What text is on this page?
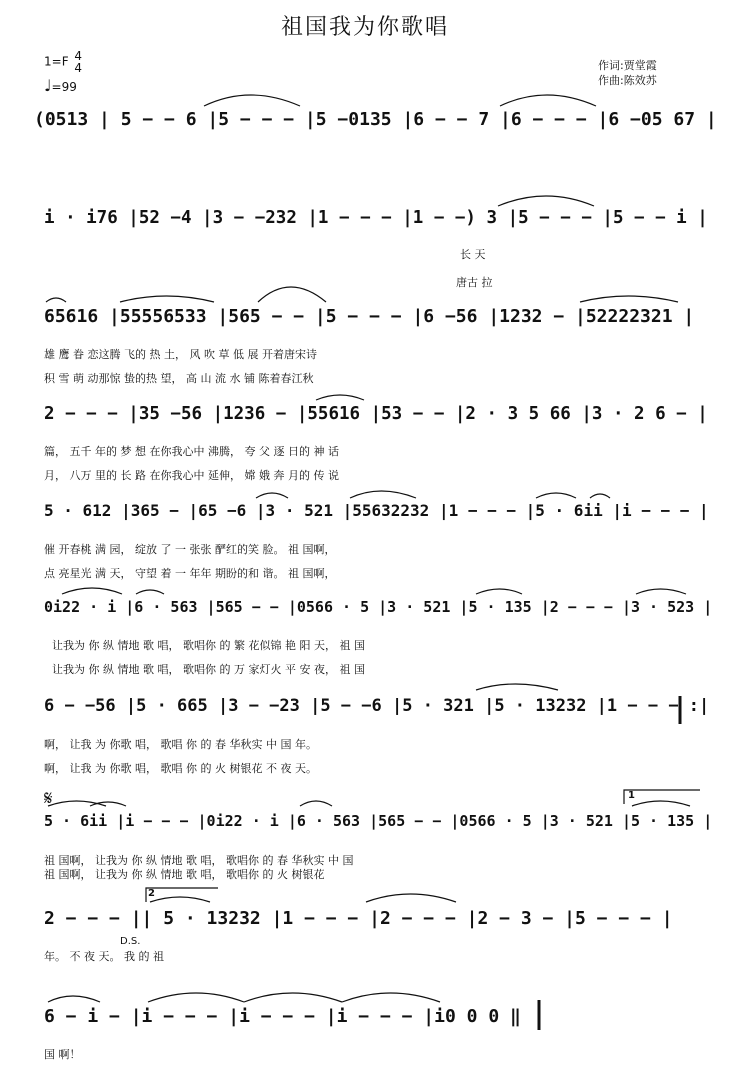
祖国我为你歌唱
1=F 4
4
♩=99
作词:贾堂霞
作曲:陈效苏
(0513 | 5 − − 6 |5 − − − |5 −0135 |6 − − 7 |6 − − − |6 −05 67 |
i · i76 |52 −4 |3 − −232 |1 − − − |1 − −) 3 |5 − − − |5 − − i |
长 天
唐古 拉
65616 |55556533 |565 − − |5 − − − |6 −56 |1232 − |52222321 |
雄 鹰 眷 恋这腾 飞的 热 土， 风 吹 草 低 展 开着唐宋诗
积 雪 萌 动那惊 蛰的热 望， 高 山 流 水 铺 陈着春江秋
2 − − − |35 −56 |1236 − |55616 |53 − − |2 · 3 5 66 |3 · 2 6 − |
篇， 五千 年的 梦 想 在你我心中 沸腾， 夸 父 逐 日的 神 话
月， 八万 里的 长 路 在你我心中 延伸， 嫦 娥 奔 月的 传 说
5 · 612 |365 − |65 −6 |3 · 521 |55632232 |1 − − − |5 · 6ii |i − − − |
催 开春桃 满 园， 绽放 了 一 张张 酽红的笑 脸。 祖 国啊，
点 亮星光 满 天， 守望 着 一 年年 期盼的和 谐。 祖 国啊，
0i22 · i |6 · 563 |565 − − |0566 · 5 |3 · 521 |5 · 135 |2 − − − |3 · 523 |
让我为 你 纵 情地 歌 唱， 歌唱你 的 繁 花似锦 艳 阳 天， 祖 国
让我为 你 纵 情地 歌 唱， 歌唱你 的 万 家灯火 平 安 夜， 祖 国
6 − −56 |5 · 665 |3 − −23 |5 − −6 |5 · 321 |5 · 13232 |1 − − − :|
啊， 让我 为 你歌 唱， 歌唱 你 的 春 华秋实 中 国 年。
啊， 让我 为 你歌 唱， 歌唱 你 的 火 树银花 不 夜 天。
𝄋	1
5 · 6ii |i − − − |0i22 · i |6 · 563 |565 − − |0566 · 5 |3 · 521 |5 · 135 |
祖 国啊， 让我为 你 纵 情地 歌 唱， 歌唱你 的 春 华秋实 中 国
祖 国啊， 让我为 你 纵 情地 歌 唱， 歌唱你 的 火 树银花
2
2 − − − || 5 · 13232 |1 − − − |2 − − − |2 − 3 − |5 − − − |
D.S.
年。 不 夜 天。 我 的 祖
6 − i − |i − − − |i − − − |i − − − |i0 0 0 ‖
国 啊！
